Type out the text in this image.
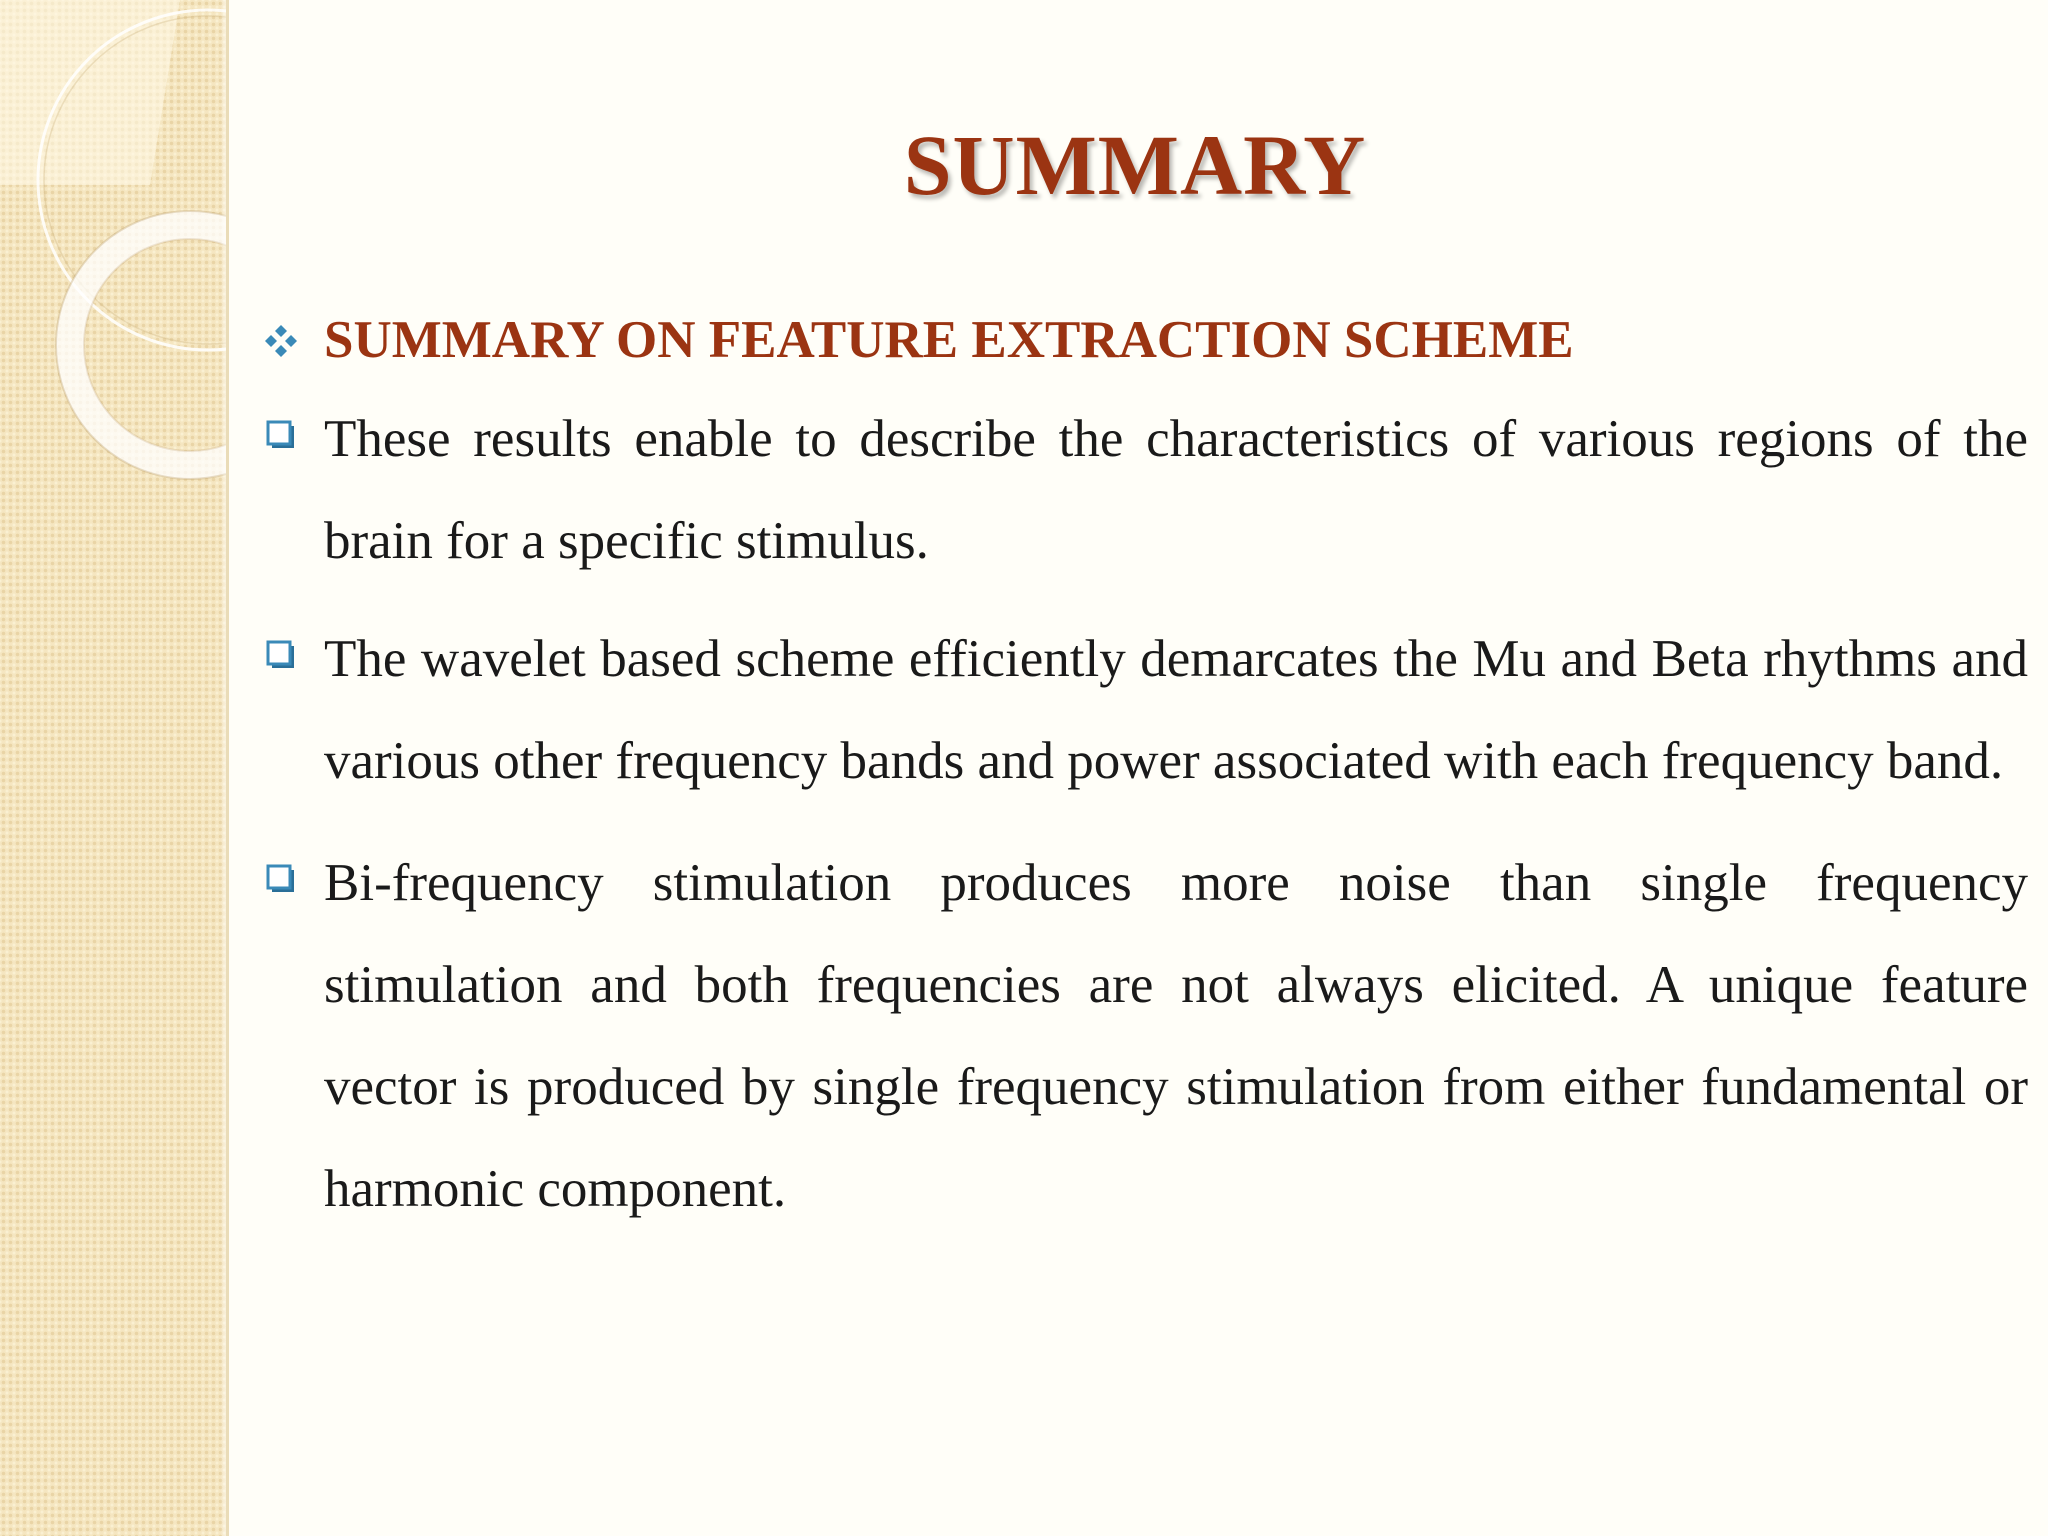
SUMMARY
SUMMARY ON FEATURE EXTRACTION SCHEME
These results enable to describe the characteristics of various regions of the brain for a specific stimulus.
The wavelet based scheme efficiently demarcates the Mu and Beta rhythms and various other frequency bands and power associated with each frequency band.
Bi-frequency stimulation produces more noise than single frequency stimulation and both frequencies are not always elicited. A unique feature vector is produced by single frequency stimulation from either fundamental or harmonic component.
